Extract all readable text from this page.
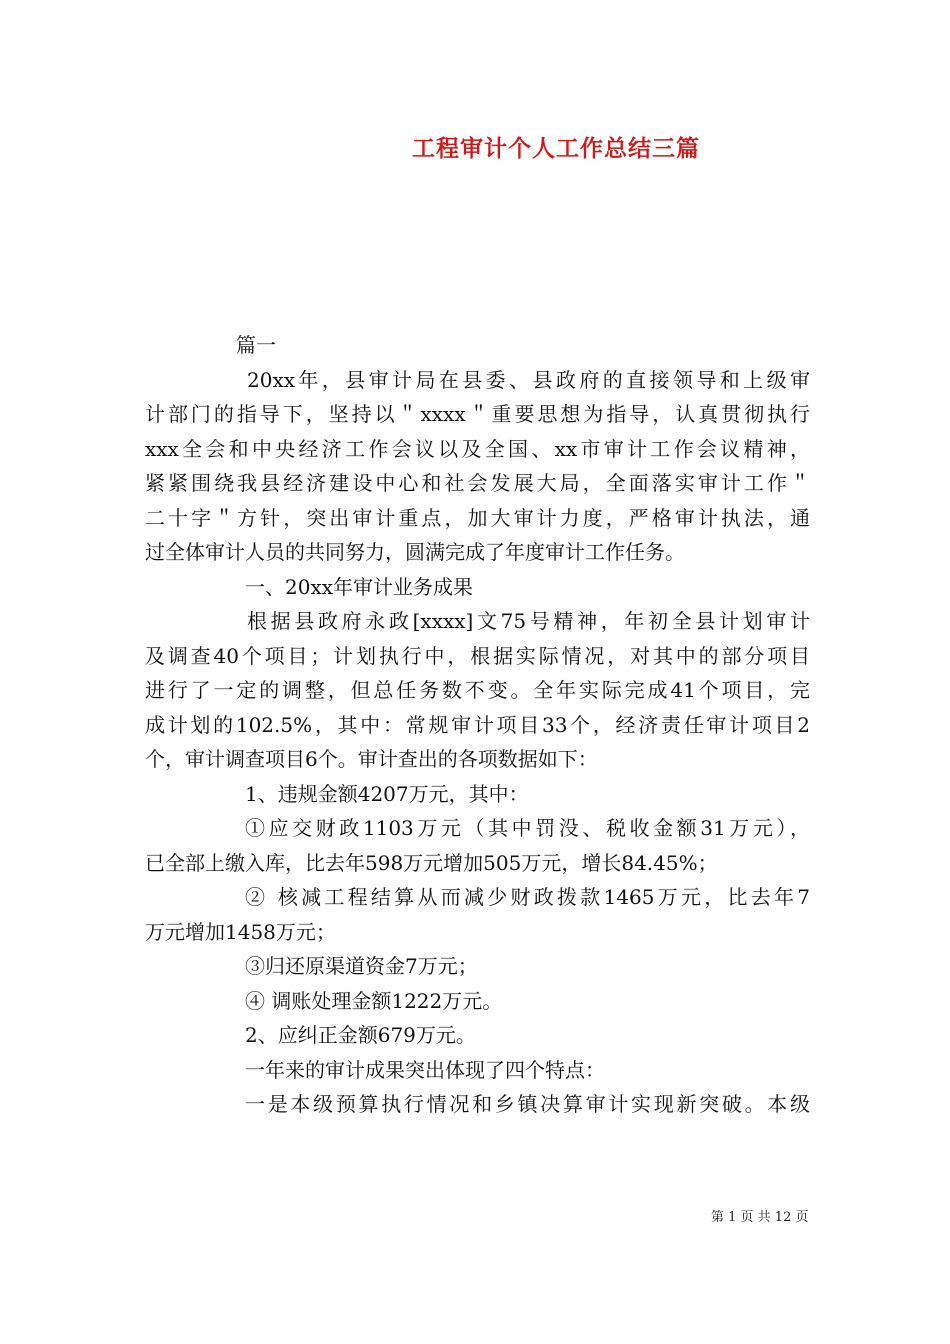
工程审计个人工作总结三篇
篇一
20xx年，县审计局在县委、县政府的直接领导和上级审
计部门的指导下，坚持以＂xxxx＂重要思想为指导，认真贯彻执行
xxx全会和中央经济工作会议以及全国、xx市审计工作会议精神，
紧紧围绕我县经济建设中心和社会发展大局，全面落实审计工作＂
二十字＂方针，突出审计重点，加大审计力度，严格审计执法，通
过全体审计人员的共同努力，圆满完成了年度审计工作任务。
一、20xx年审计业务成果
根据县政府永政[xxxx]文75号精神，年初全县计划审计
及调查40个项目；计划执行中，根据实际情况，对其中的部分项目
进行了一定的调整，但总任务数不变。全年实际完成41个项目，完
成计划的102.5%，其中：常规审计项目33个，经济责任审计项目2
个，审计调查项目6个。审计查出的各项数据如下：
1、违规金额4207万元，其中：
①应交财政1103万元（其中罚没、税收金额31万元），
已全部上缴入库，比去年598万元增加505万元，增长84.45%；
② 核减工程结算从而减少财政拨款1465万元，比去年7
万元增加1458万元；
③归还原渠道资金7万元；
④ 调账处理金额1222万元。
2、应纠正金额679万元。
一年来的审计成果突出体现了四个特点：
一是本级预算执行情况和乡镇决算审计实现新突破。本级
第 1 页 共 12 页
